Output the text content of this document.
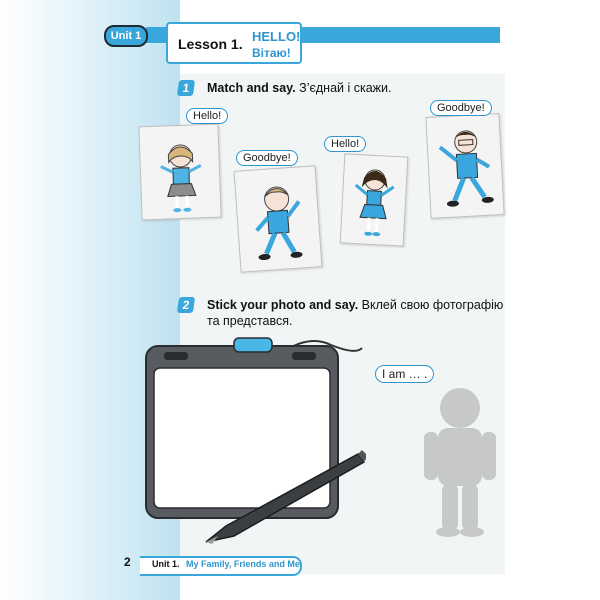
Unit 1	Lesson 1. HELLO!
Вітаю!
1	Match and say. З’єднай і скажи.
Hello!
Goodbye!
Hello!
Goodbye!
2	Stick your photo and say. Вклей свою фотографію
та представся.
I am … .
2 Unit 1. My Family, Friends and Me
